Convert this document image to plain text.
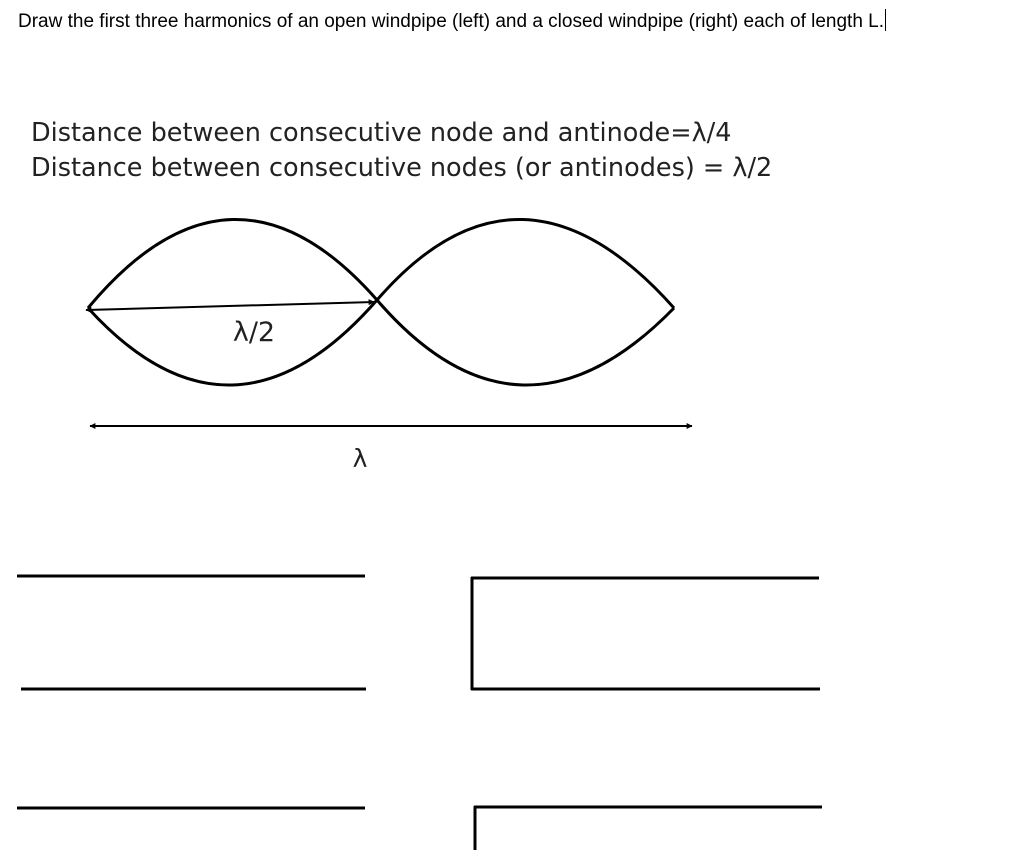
Draw the first three harmonics of an open windpipe (left) and a closed windpipe (right) each of length L.

Distance between consecutive node and antinode=λ/4

Distance between consecutive nodes (or antinodes) = λ/2

λ/2
λ
